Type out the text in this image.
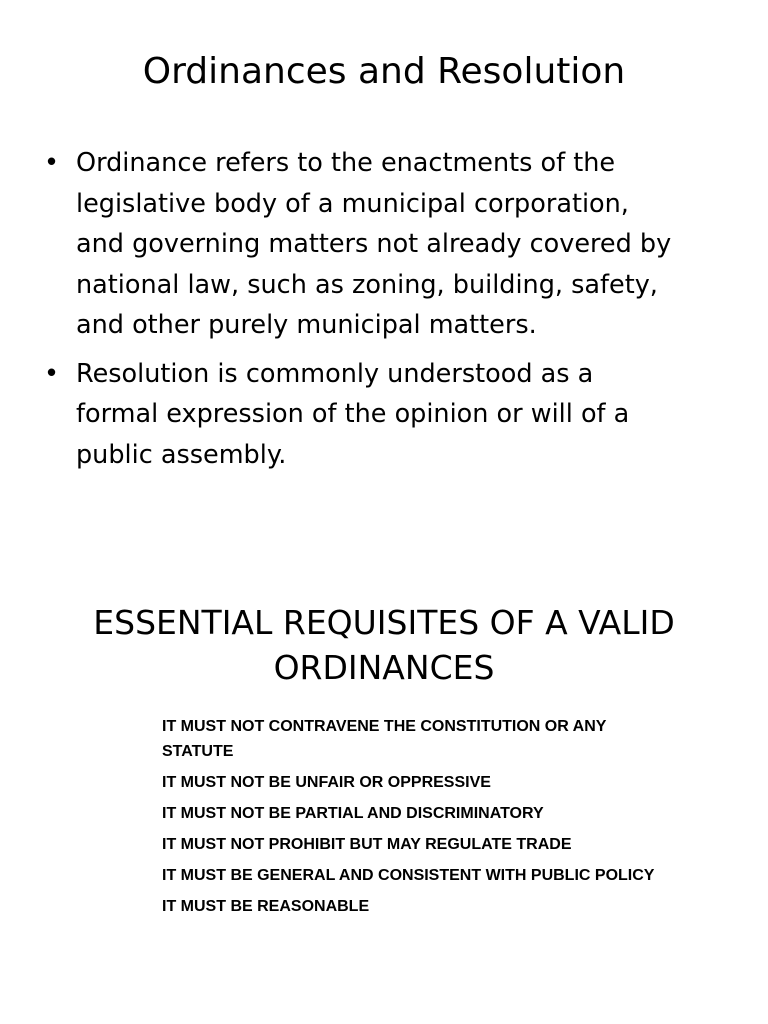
Ordinances and Resolution
• Ordinance refers to the enactments of the
legislative body of a municipal corporation,
and governing matters not already covered by
national law, such as zoning, building, safety,
and other purely municipal matters.
• Resolution is commonly understood as a
formal expression of the opinion or will of a
public assembly.
ESSENTIAL REQUISITES OF A VALID
ORDINANCES
IT MUST NOT CONTRAVENE THE CONSTITUTION OR ANY
STATUTE
IT MUST NOT BE UNFAIR OR OPPRESSIVE
IT MUST NOT BE PARTIAL AND DISCRIMINATORY
IT MUST NOT PROHIBIT BUT MAY REGULATE TRADE
IT MUST BE GENERAL AND CONSISTENT WITH PUBLIC POLICY
IT MUST BE REASONABLE
